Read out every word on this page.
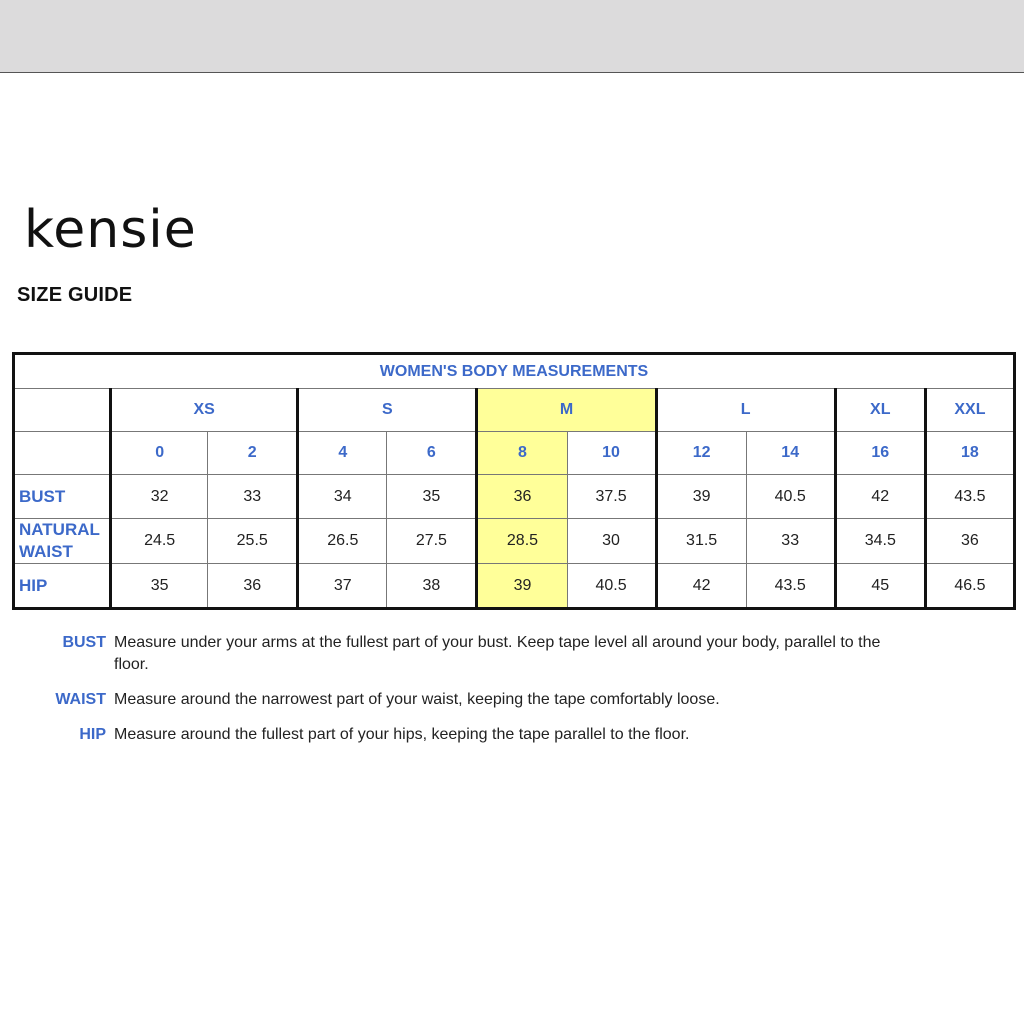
kensie
SIZE GUIDE
WOMEN'S BODY MEASUREMENTS										
	XS		S		M		L		XL	XXL
	0	2	4	6	8	10	12	14	16	18
BUST	32	33	34	35	36	37.5	39	40.5	42	43.5
NATURAL
WAIST	24.5	25.5	26.5	27.5	28.5	30	31.5	33	34.5	36
HIP	35	36	37	38	39	40.5	42	43.5	45	46.5
BUST Measure under your arms at the fullest part of your bust. Keep tape level all around your body, parallel to the floor.
WAIST Measure around the narrowest part of your waist, keeping the tape comfortably loose.
HIP Measure around the fullest part of your hips, keeping the tape parallel to the floor.
